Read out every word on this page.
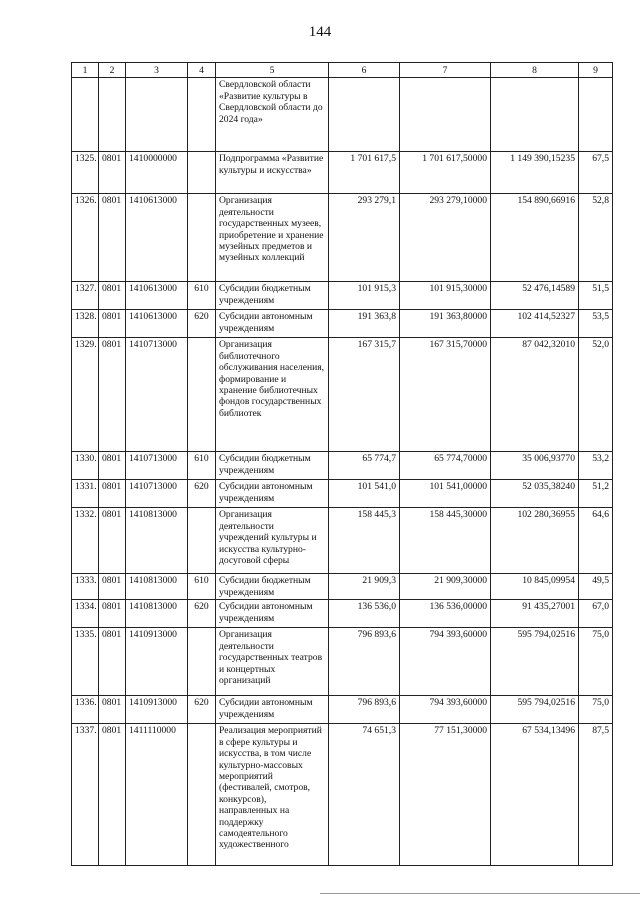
144
1	2	3	4	5	6	7	8	9
				Свердловской области «Развитие культуры в Свердловской области до 2024 года»				
1325.	0801	1410000000		Подпрограмма «Развитие культуры и искусства»	1 701 617,5	1 701 617,50000	1 149 390,15235	67,5
1326.	0801	1410613000		Организация деятельности государственных музеев, приобретение и хранение музейных предметов и музейных коллекций	293 279,1	293 279,10000	154 890,66916	52,8
1327.	0801	1410613000	610	Субсидии бюджетным учреждениям	101 915,3	101 915,30000	52 476,14589	51,5
1328.	0801	1410613000	620	Субсидии автономным учреждениям	191 363,8	191 363,80000	102 414,52327	53,5
1329.	0801	1410713000		Организация библиотечного обслуживания населения, формирование и хранение библиотечных фондов государственных библиотек	167 315,7	167 315,70000	87 042,32010	52,0
1330.	0801	1410713000	610	Субсидии бюджетным учреждениям	65 774,7	65 774,70000	35 006,93770	53,2
1331.	0801	1410713000	620	Субсидии автономным учреждениям	101 541,0	101 541,00000	52 035,38240	51,2
1332.	0801	1410813000		Организация деятельности учреждений культуры и искусства культурно-досуговой сферы	158 445,3	158 445,30000	102 280,36955	64,6
1333.	0801	1410813000	610	Субсидии бюджетным учреждениям	21 909,3	21 909,30000	10 845,09954	49,5
1334.	0801	1410813000	620	Субсидии автономным учреждениям	136 536,0	136 536,00000	91 435,27001	67,0
1335.	0801	1410913000		Организация деятельности государственных театров и концертных организаций	796 893,6	794 393,60000	595 794,02516	75,0
1336.	0801	1410913000	620	Субсидии автономным учреждениям	796 893,6	794 393,60000	595 794,02516	75,0
1337.	0801	1411110000		Реализация мероприятий в сфере культуры и искусства, в том числе культурно-массовых мероприятий (фестивалей, смотров, конкурсов), направленных на поддержку самодеятельного художественного	74 651,3	77 151,30000	67 534,13496	87,5
